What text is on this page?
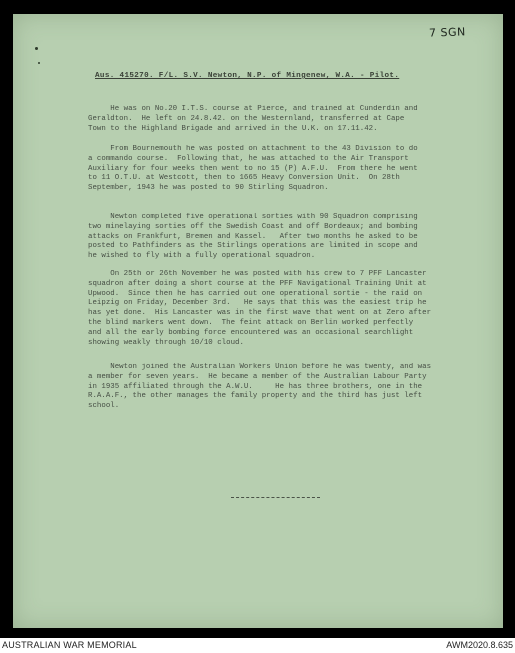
7 SGN
Aus. 415270. F/L. S.V. Newton, N.P. of Mingenew, W.A. - Pilot.

He was on No.20 I.T.S. course at Pierce, and trained at Cunderdin and
Geraldton.  He left on 24.8.42. on the Westernland, transferred at Cape
Town to the Highland Brigade and arrived in the U.K. on 17.11.42.

From Bournemouth he was posted on attachment to the 43 Division to do
a commando course.  Following that, he was attached to the Air Transport
Auxiliary for four weeks then went to no 15 (P) A.F.U.  From there he went
to 11 O.T.U. at Westcott, then to 1665 Heavy Conversion Unit.  On 28th
September, 1943 he was posted to 90 Stirling Squadron.

Newton completed five operational sorties with 90 Squadron comprising
two minelaying sorties off the Swedish Coast and off Bordeaux; and bombing
attacks on Frankfurt, Bremen and Kassel.   After two months he asked to be
posted to Pathfinders as the Stirlings operations are limited in scope and
he wished to fly with a fully operational squadron.

On 25th or 26th November he was posted with his crew to 7 PFF Lancaster
squadron after doing a short course at the PFF Navigational Training Unit at
Upwood.  Since then he has carried out one operational sortie - the raid on
Leipzig on Friday, December 3rd.   He says that this was the easiest trip he
has yet done.  His Lancaster was in the first wave that went on at Zero after
the blind markers went down.  The feint attack on Berlin worked perfectly
and all the early bombing force encountered was an occasional searchlight
showing weakly through 10/10 cloud.

Newton joined the Australian Workers Union before he was twenty, and was
a member for seven years.  He became a member of the Australian Labour Party
in 1935 affiliated through the A.W.U.     He has three brothers, one in the
R.A.A.F., the other manages the family property and the third has just left
school.

AUSTRALIAN WAR MEMORIAL	AWM2020.8.635
